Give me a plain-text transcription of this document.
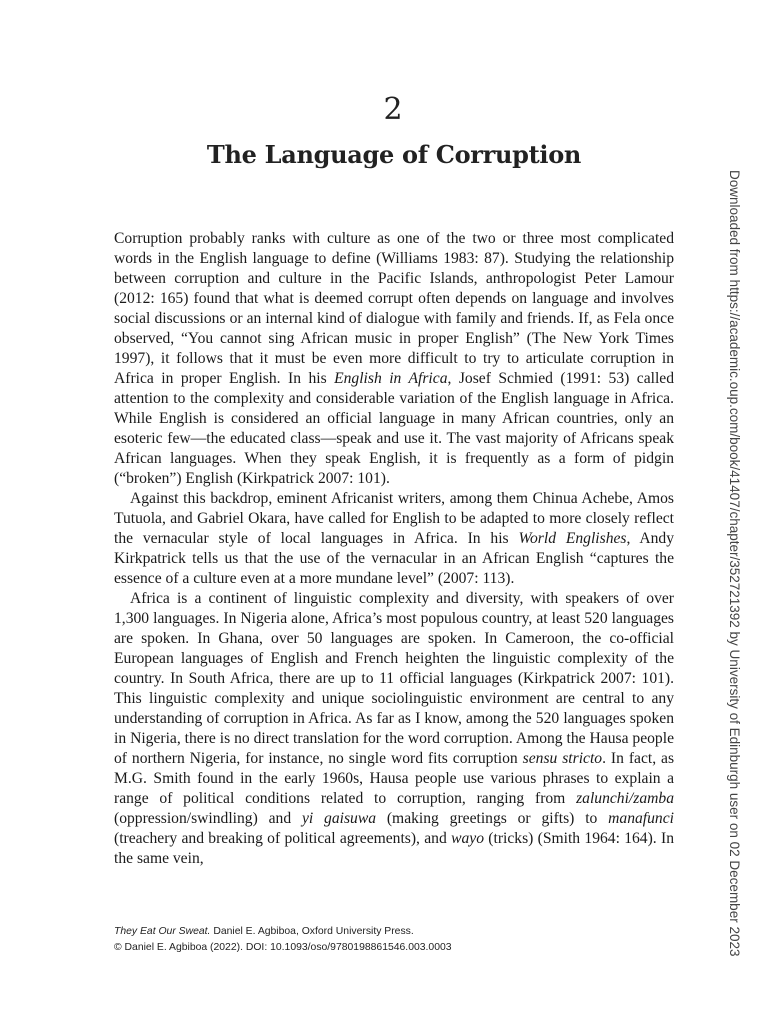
2
The Language of Corruption

Corruption probably ranks with culture as one of the two or three most complicated words in the English language to define (Williams 1983: 87). Studying the relationship between corruption and culture in the Pacific Islands, anthropologist Peter Lamour (2012: 165) found that what is deemed corrupt often depends on language and involves social discussions or an internal kind of dialogue with family and friends. If, as Fela once observed, “You cannot sing African music in proper English” (The New York Times 1997), it follows that it must be even more difficult to try to articulate corruption in Africa in proper English. In his English in Africa, Josef Schmied (1991: 53) called attention to the complexity and considerable variation of the English language in Africa. While English is considered an official language in many African countries, only an esoteric few—the educated class—speak and use it. The vast majority of Africans speak African languages. When they speak English, it is frequently as a form of pidgin (“broken”) English (Kirkpatrick 2007: 101).

Against this backdrop, eminent Africanist writers, among them Chinua Achebe, Amos Tutuola, and Gabriel Okara, have called for English to be adapted to more closely reflect the vernacular style of local languages in Africa. In his World Englishes, Andy Kirkpatrick tells us that the use of the vernacular in an African English “captures the essence of a culture even at a more mundane level” (2007: 113).

Africa is a continent of linguistic complexity and diversity, with speakers of over 1,300 languages. In Nigeria alone, Africa’s most populous country, at least 520 languages are spoken. In Ghana, over 50 languages are spoken. In Cameroon, the co-official European languages of English and French heighten the linguistic complexity of the country. In South Africa, there are up to 11 official languages (Kirkpatrick 2007: 101). This linguistic complexity and unique sociolinguistic environment are central to any understanding of corruption in Africa. As far as I know, among the 520 languages spoken in Nigeria, there is no direct translation for the word corruption. Among the Hausa people of northern Nigeria, for instance, no single word fits corruption sensu stricto. In fact, as M.G. Smith found in the early 1960s, Hausa people use various phrases to explain a range of political conditions related to corruption, ranging from zalunchi/zamba (oppression/swindling) and yi gaisuwa (making greetings or gifts) to manafunci (treachery and breaking of political agreements), and wayo (tricks) (Smith 1964: 164). In the same vein,

They Eat Our Sweat. Daniel E. Agbiboa, Oxford University Press.
© Daniel E. Agbiboa (2022). DOI: 10.1093/oso/9780198861546.003.0003	Downloaded from https://academic.oup.com/book/41407/chapter/352721392 by University of Edinburgh user on 02 December 2023
